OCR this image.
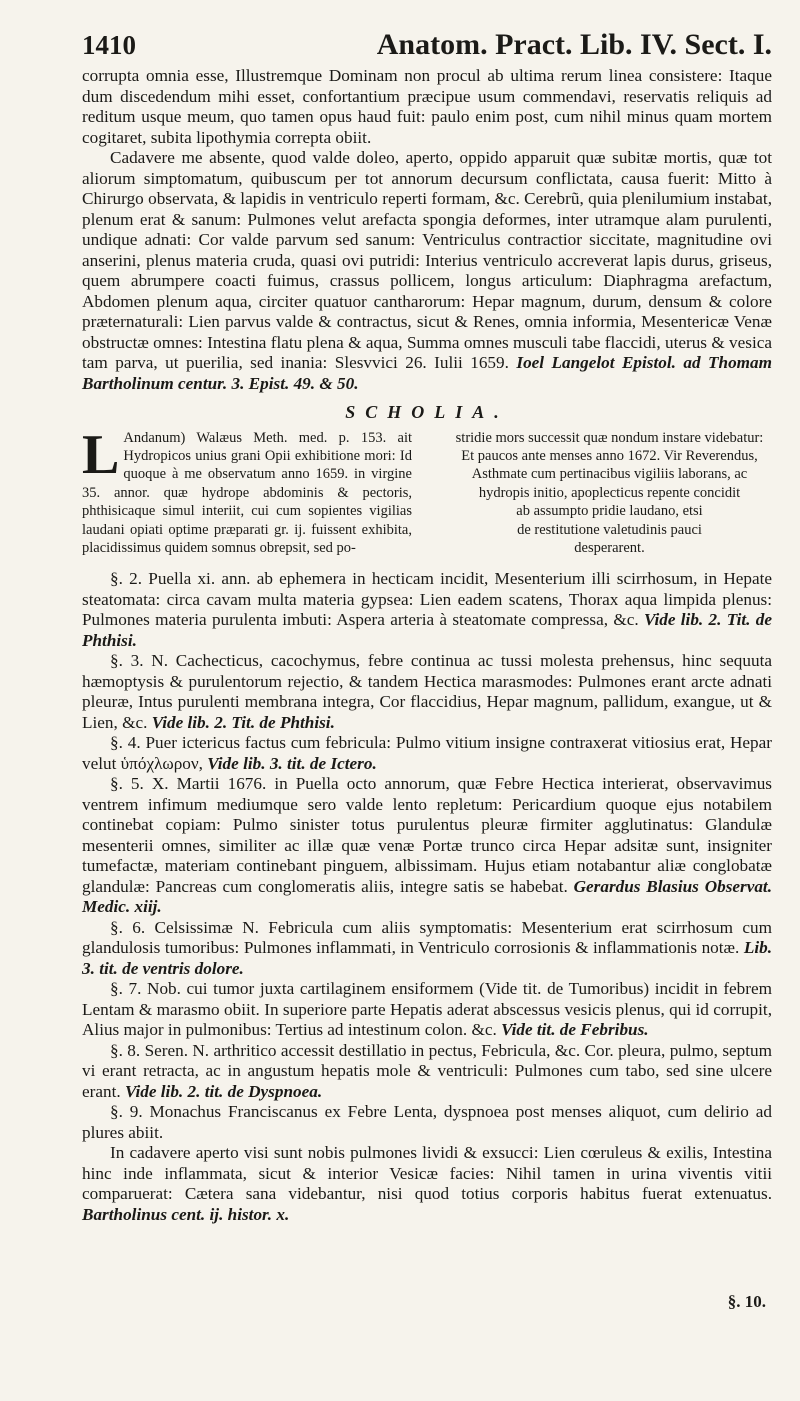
1410	Anatom. Pract. Lib. IV. Sect. I.

corrupta omnia esse, Illustremque Dominam non procul ab ultima rerum linea consistere: Itaque dum discedendum mihi esset, confortantium præcipue usum commendavi, reservatis reliquis ad reditum usque meum, quo tamen opus haud fuit: paulo enim post, cum nihil minus quam mortem cogitaret, subita lipothymia correpta obiit.

Cadavere me absente, quod valde doleo, aperto, oppido apparuit quæ subitæ mortis, quæ tot aliorum simptomatum, quibuscum per tot annorum decursum conflictata, causa fuerit: Mitto à Chirurgo observata, & lapidis in ventriculo reperti formam, &c. Cerebrũ, quia plenilumium instabat, plenum erat & sanum: Pulmones velut arefacta spongia deformes, inter utramque alam purulenti, undique adnati: Cor valde parvum sed sanum: Ventriculus contractior siccitate, magnitudine ovi anserini, plenus materia cruda, quasi ovi putridi: Interius ventriculo accreverat lapis durus, griseus, quem abrumpere coacti fuimus, crassus pollicem, longus articulum: Diaphragma arefactum, Abdomen plenum aqua, circiter quatuor cantharorum: Hepar magnum, durum, densum & colore præternaturali: Lien parvus valde & contractus, sicut & Renes, omnia informia, Mesentericæ Venæ obstructæ omnes: Intestina flatu plena & aqua, Summa omnes musculi tabe flaccidi, uterus & vesica tam parva, ut puerilia, sed inania: Slesvvici 26. Iulii 1659. Ioel Langelot Epistol. ad Thomam Bartholinum centur. 3. Epist. 49. & 50.

SCHOLIA.
L Andanum) Walæus Meth. med. p. 153. ait Hydropicos unius grani Opii exhibitione mori: Id quoque à me observatum anno 1659. in virgine 35. annor. quæ hydrope abdominis & pectoris, phthisicaque simul interiit, cui cum sopientes vigilias laudani opiati optime præparati gr. ij. fuissent exhibita, placidissimus quidem somnus obrepsit, sed po-

stridie mors successit quæ nondum instare videbatur:

Et paucos ante menses anno 1672. Vir Reverendus,

Asthmate cum pertinacibus vigiliis laborans, ac

hydropis initio, apoplecticus repente concidit

ab assumpto pridie laudano, etsi

de restitutione valetudinis pauci

desperarent.

§. 2. Puella xi. ann. ab ephemera in hecticam incidit, Mesenterium illi scirrhosum, in Hepate steatomata: circa cavam multa materia gypsea: Lien eadem scatens, Thorax aqua limpida plenus: Pulmones materia purulenta imbuti: Aspera arteria à steatomate compressa, &c. Vide lib. 2. Tit. de Phthisi.

§. 3. N. Cachecticus, cacochymus, febre continua ac tussi molesta prehensus, hinc sequuta hæmoptysis & purulentorum rejectio, & tandem Hectica marasmodes: Pulmones erant arcte adnati pleuræ, Intus purulenti membrana integra, Cor flaccidius, Hepar magnum, pallidum, exangue, ut & Lien, &c. Vide lib. 2. Tit. de Phthisi.

§. 4. Puer ictericus factus cum febricula: Pulmo vitium insigne contraxerat vitiosius erat, Hepar velut ὑπόχλωρον, Vide lib. 3. tit. de Ictero.

§. 5. X. Martii 1676. in Puella octo annorum, quæ Febre Hectica interierat, observavimus ventrem infimum mediumque sero valde lento repletum: Pericardium quoque ejus notabilem continebat copiam: Pulmo sinister totus purulentus pleuræ firmiter agglutinatus: Glandulæ mesenterii omnes, similiter ac illæ quæ venæ Portæ trunco circa Hepar adsitæ sunt, insigniter tumefactæ, materiam continebant pinguem, albissimam. Hujus etiam notabantur aliæ conglobatæ glandulæ: Pancreas cum conglomeratis aliis, integre satis se habebat. Gerardus Blasius Observat. Medic. xiij.

§. 6. Celsissimæ N. Febricula cum aliis symptomatis: Mesenterium erat scirrhosum cum glandulosis tumoribus: Pulmones inflammati, in Ventriculo corrosionis & inflammationis notæ. Lib. 3. tit. de ventris dolore.

§. 7. Nob. cui tumor juxta cartilaginem ensiformem (Vide tit. de Tumoribus) incidit in febrem Lentam & marasmo obiit. In superiore parte Hepatis aderat abscessus vesicis plenus, qui id corrupit, Alius major in pulmonibus: Tertius ad intestinum colon. &c. Vide tit. de Febribus.

§. 8. Seren. N. arthritico accessit destillatio in pectus, Febricula, &c. Cor. pleura, pulmo, septum vi erant retracta, ac in angustum hepatis mole & ventriculi: Pulmones cum tabo, sed sine ulcere erant. Vide lib. 2. tit. de Dyspnoea.

§. 9. Monachus Franciscanus ex Febre Lenta, dyspnoea post menses aliquot, cum delirio ad plures abiit.

In cadavere aperto visi sunt nobis pulmones lividi & exsucci: Lien cœruleus & exilis, Intestina hinc inde inflammata, sicut & interior Vesicæ facies: Nihil tamen in urina viventis vitii comparuerat: Cætera sana videbantur, nisi quod totius corporis habitus fuerat extenuatus. Bartholinus cent. ij. histor. x.

§. 10.
